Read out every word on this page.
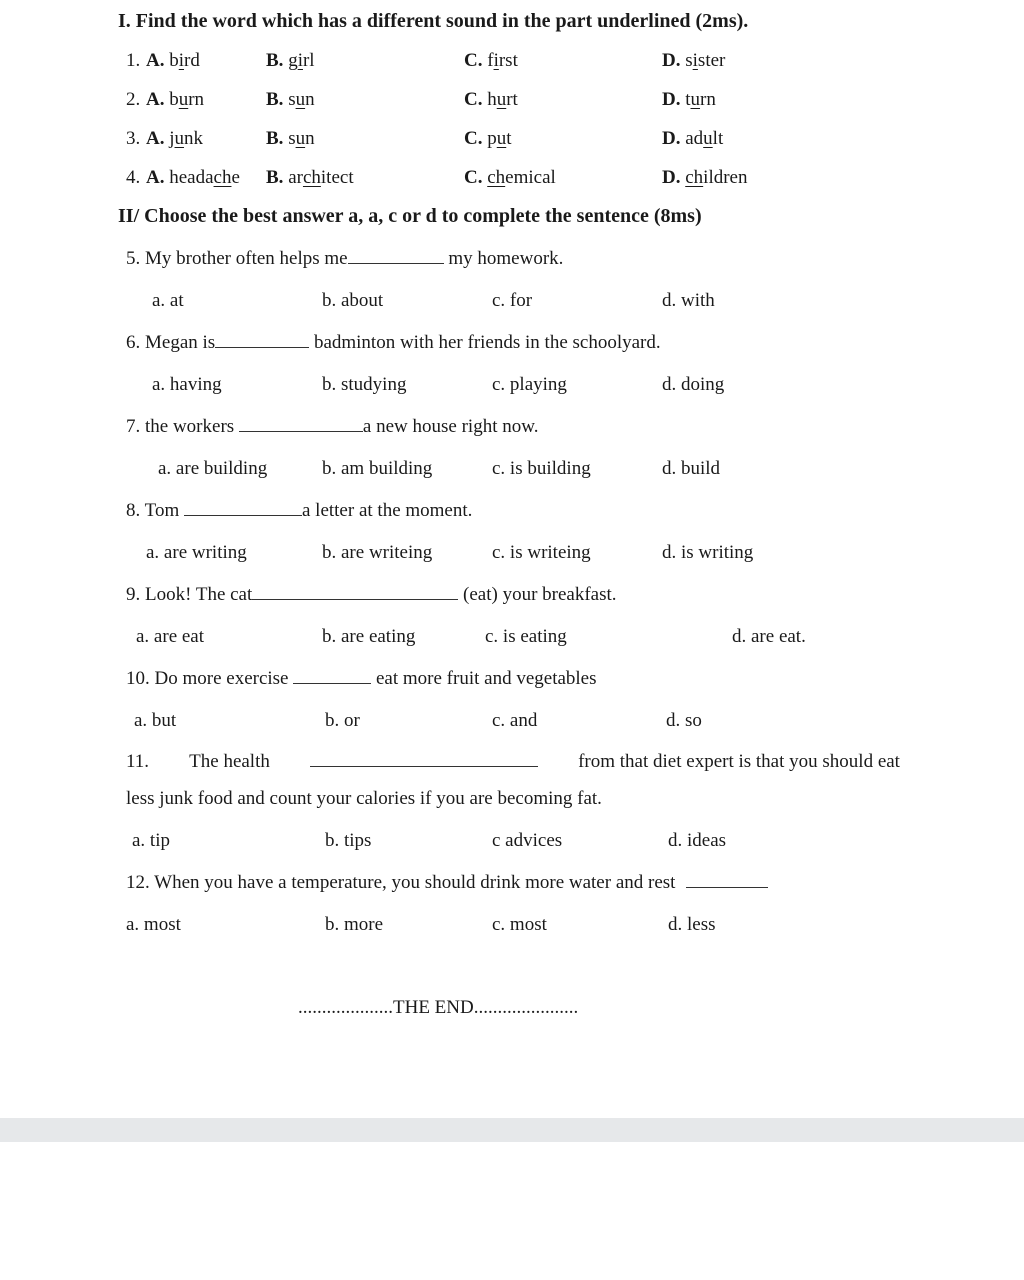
I. Find the word which has a different sound in the part underlined (2ms).
1. A. bird	B. girl	C. first	D. sister
2. A. burn	B. sun	C. hurt	D. turn
3. A. junk	B. sun	C. put	D. adult
4. A. headache B. architect	C. chemical	D. children
II/ Choose the best answer a, a, c or d to complete the sentence (8ms)
5. My brother often helps me	my homework.
a. at	b. about	c. for	d. with
6. Megan is	badminton with her friends in the schoolyard.
a. having	b. studying	c. playing	d. doing
7. the workers	a new house right now.
a. are building	b. am building	c. is building	d. build
8. Tom	a letter at the moment.
a. are writing	b. are writeing	c. is writeing	d. is writing
9. Look! The cat	(eat) your breakfast.
a. are eat	b. are eating	c. is eating	d. are eat.
10. Do more exercise	eat more fruit and vegetables
a. but	b. or	c. and	d. so
11. The health	from that diet expert is that you should eat
less junk food and count your calories if you are becoming fat.
a. tip	b. tips	c advices	d. ideas
12. When you have a temperature, you should drink more water and rest
a. most	b. more	c. most	d. less
....................THE END......................
